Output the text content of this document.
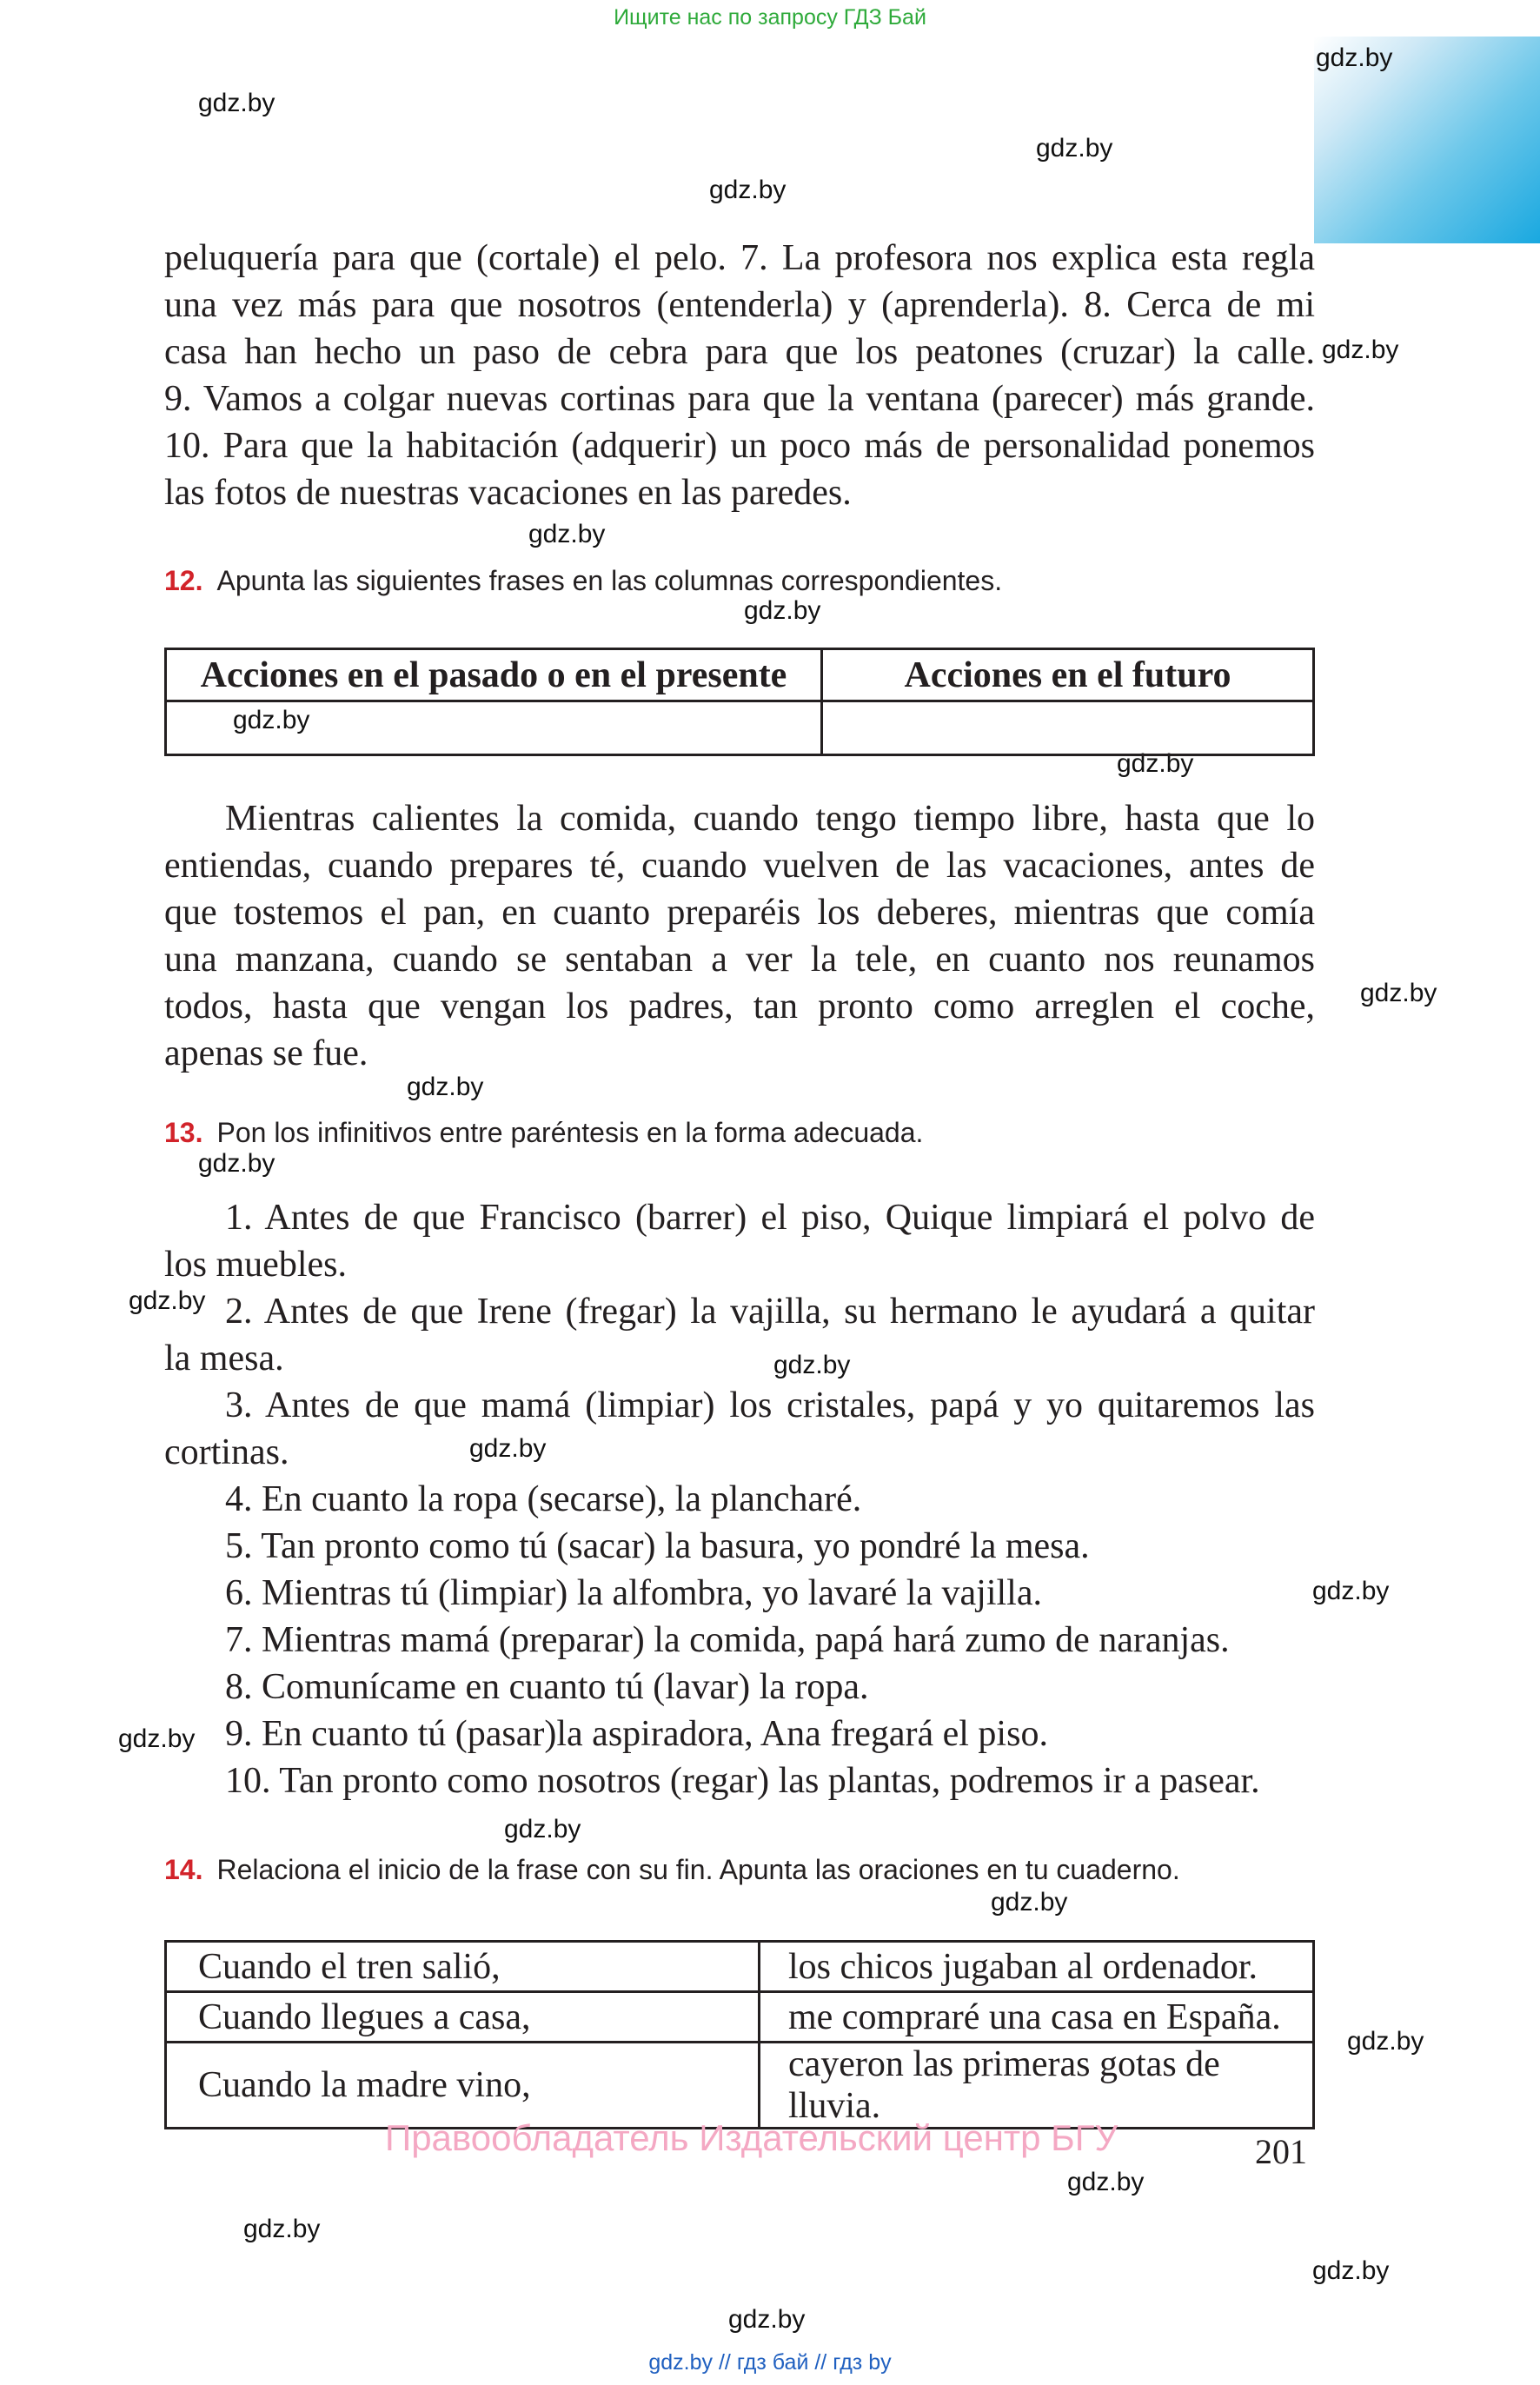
Ищите нас по запросу ГДЗ Бай
gdz.by
gdz.by
gdz.by
gdz.by
gdz.by
gdz.by
gdz.by
gdz.by
gdz.by
gdz.by
gdz.by
gdz.by
gdz.by
gdz.by
gdz.by
gdz.by
gdz.by
gdz.by
gdz.by
gdz.by
gdz.by
gdz.by
gdz.by
gdz.by
peluquería para que (cortale) el pelo. 7. La profesora nos explica esta regla
una vez más para que nosotros (entenderla) y (aprenderla). 8. Cerca de mi
casa han hecho un paso de cebra para que los peatones (cruzar) la calle.
9. Vamos a colgar nuevas cortinas para que la ventana (parecer) más grande.
10. Para que la habitación (adquerir) un poco más de personalidad ponemos
las fotos de nuestras vacaciones en las paredes.
12. Apunta las siguientes frases en las columnas correspondientes.
Acciones en el pasado o en el presente	Acciones en el futuro

Mientras calientes la comida, cuando tengo tiempo libre, hasta que lo
entiendas, cuando prepares té, cuando vuelven de las vacaciones, antes de
que tostemos el pan, en cuanto preparéis los deberes, mientras que comía
una manzana, cuando se sentaban a ver la tele, en cuanto nos reunamos
todos, hasta que vengan los padres, tan pronto como arreglen el coche,
apenas se fue.
13. Pon los infinitivos entre paréntesis en la forma adecuada.
1. Antes de que Francisco (barrer) el piso, Quique limpiará el polvo de
los muebles.
2. Antes de que Irene (fregar) la vajilla, su hermano le ayudará a quitar
la mesa.
3. Antes de que mamá (limpiar) los cristales, papá y yo quitaremos las
cortinas.
4. En cuanto la ropa (secarse), la plancharé.
5. Tan pronto como tú (sacar) la basura, yo pondré la mesa.
6. Mientras tú (limpiar) la alfombra, yo lavaré la vajilla.
7. Mientras mamá (preparar) la comida, papá hará zumo de naranjas.
8. Comunícame en cuanto tú (lavar) la ropa.
9. En cuanto tú (pasar)la aspiradora, Ana fregará el piso.
10. Tan pronto como nosotros (regar) las plantas, podremos ir a pasear.
14. Relaciona el inicio de la frase con su fin. Apunta las oraciones en tu cuaderno.
Cuando el tren salió,	los chicos jugaban al ordenador.
Cuando llegues a casa,	me compraré una casa en España.
Cuando la madre vino,	cayeron las primeras gotas de lluvia.
Правообладатель Издательский центр БГУ	201
gdz.by // гдз бай // гдз by
